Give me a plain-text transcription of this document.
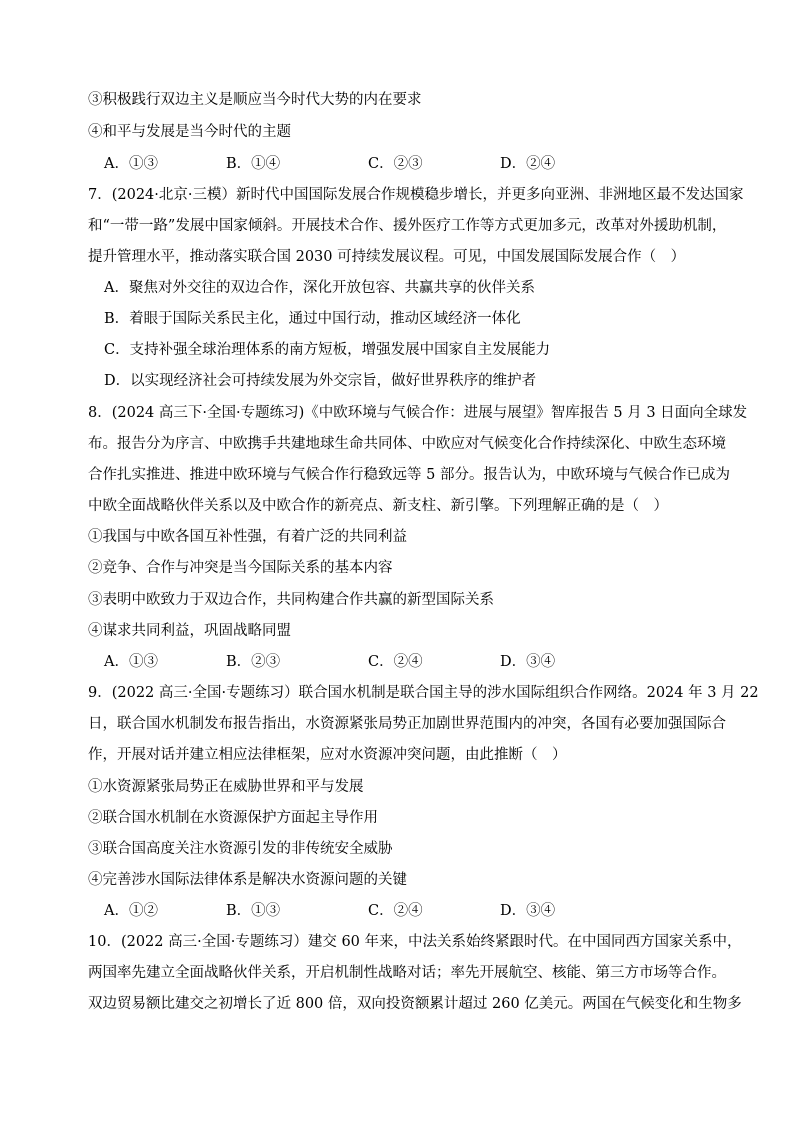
③积极践行双边主义是顺应当今时代大势的内在要求
④和平与发展是当今时代的主题
A．①③	B．①④	C．②③	D．②④
7．(2024·北京·三模）新时代中国国际发展合作规模稳步增长，并更多向亚洲、非洲地区最不发达国家
和“一带一路”发展中国家倾斜。开展技术合作、援外医疗工作等方式更加多元，改革对外援助机制，
提升管理水平，推动落实联合国 2030 可持续发展议程。可见，中国发展国际发展合作（　）
A．聚焦对外交往的双边合作，深化开放包容、共赢共享的伙伴关系
B．着眼于国际关系民主化，通过中国行动，推动区域经济一体化
C．支持补强全球治理体系的南方短板，增强发展中国家自主发展能力
D．以实现经济社会可持续发展为外交宗旨，做好世界秩序的维护者
8．(2024 高三下·全国·专题练习)《中欧环境与气候合作：进展与展望》智库报告 5 月 3 日面向全球发
布。报告分为序言、中欧携手共建地球生命共同体、中欧应对气候变化合作持续深化、中欧生态环境
合作扎实推进、推进中欧环境与气候合作行稳致远等 5 部分。报告认为，中欧环境与气候合作已成为
中欧全面战略伙伴关系以及中欧合作的新亮点、新支柱、新引擎。下列理解正确的是（　）
①我国与中欧各国互补性强，有着广泛的共同利益
②竞争、合作与冲突是当今国际关系的基本内容
③表明中欧致力于双边合作，共同构建合作共赢的新型国际关系
④谋求共同利益，巩固战略同盟
A．①③	B．②③	C．②④	D．③④
9．(2022 高三·全国·专题练习）联合国水机制是联合国主导的涉水国际组织合作网络。2024 年 3 月 22
日，联合国水机制发布报告指出，水资源紧张局势正加剧世界范围内的冲突，各国有必要加强国际合
作，开展对话并建立相应法律框架，应对水资源冲突问题，由此推断（　）
①水资源紧张局势正在威胁世界和平与发展
②联合国水机制在水资源保护方面起主导作用
③联合国高度关注水资源引发的非传统安全威胁
④完善涉水国际法律体系是解决水资源问题的关键
A．①②	B．①③	C．②④	D．③④
10．(2022 高三·全国·专题练习）建交 60 年来，中法关系始终紧跟时代。在中国同西方国家关系中，
两国率先建立全面战略伙伴关系，开启机制性战略对话；率先开展航空、核能、第三方市场等合作。
双边贸易额比建交之初增长了近 800 倍，双向投资额累计超过 260 亿美元。两国在气候变化和生物多
